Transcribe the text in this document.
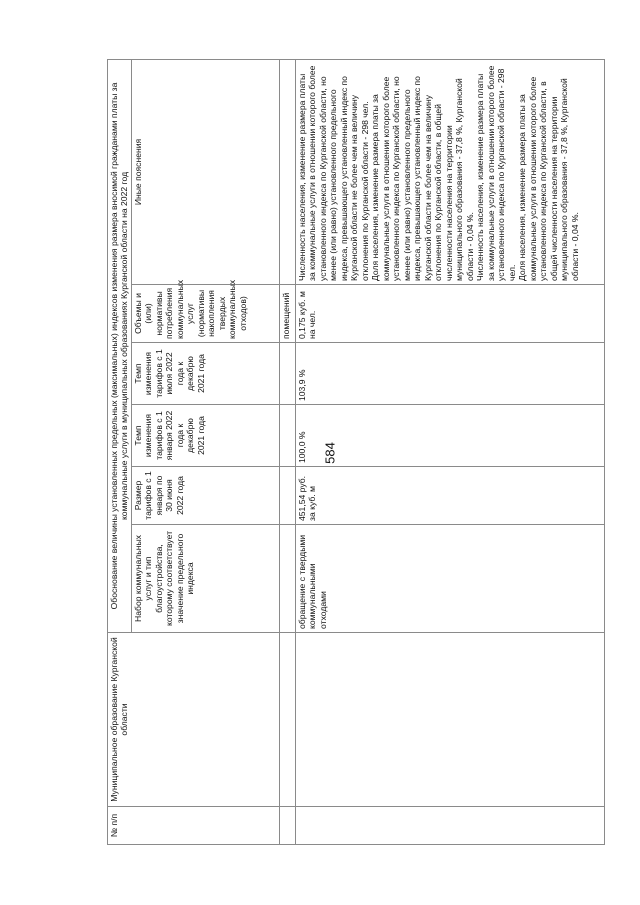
584
№ п/п	Муниципальное образование Курганской области	Обоснование величины установленных предельных (максимальных) индексов изменения размера вносимой гражданами платы за коммунальные услуги в муниципальных образованиях Курганской области на 2022 год					
		Набор коммунальных услуг и тип благоустройства, которому соответствует значение предельного индекса	Размер тарифов с 1 января по 30 июня 2022 года	Темп изменения тарифов с 1 января 2022 года к декабрю 2021 года	Темп изменения тарифов с 1 июля 2022 года к декабрю 2021 года	Объемы и (или) нормативы потребления коммунальных услуг (нормативы накопления твердых коммунальных отходов)	Иные пояснения
						помещений	
		обращение с твердыми коммунальными отходами	451,54 руб. за куб. м	100,0 %	103,9 %	0,175 куб. м на чел.	Численность населения, изменение размера платы за коммунальные услуги в отношении которого более установленного индекса по Курганской области, но менее (или равно) установленного предельного индекса, превышающего установленный индекс по Курганской области не более чем на величину отклонения по Курганской области - 298 чел. Доля населения, изменение размера платы за коммунальные услуги в отношении которого более установленного индекса по Курганской области, но менее (или равно) установленного предельного индекса, превышающего установленный индекс по Курганской области не более чем на величину отклонения по Курганской области, в общей численности населения на территории муниципального образования - 37,8 %, Курганской области - 0,04 %. Численность населения, изменение размера платы за коммунальные услуги в отношении которого более установленного индекса по Курганской области - 298 чел. Доля населения, изменение размера платы за коммунальные услуги в отношении которого более установленного индекса по Курганской области, в общей численности населения на территории муниципального образования - 37,8 %, Курганской области - 0,04 %.
